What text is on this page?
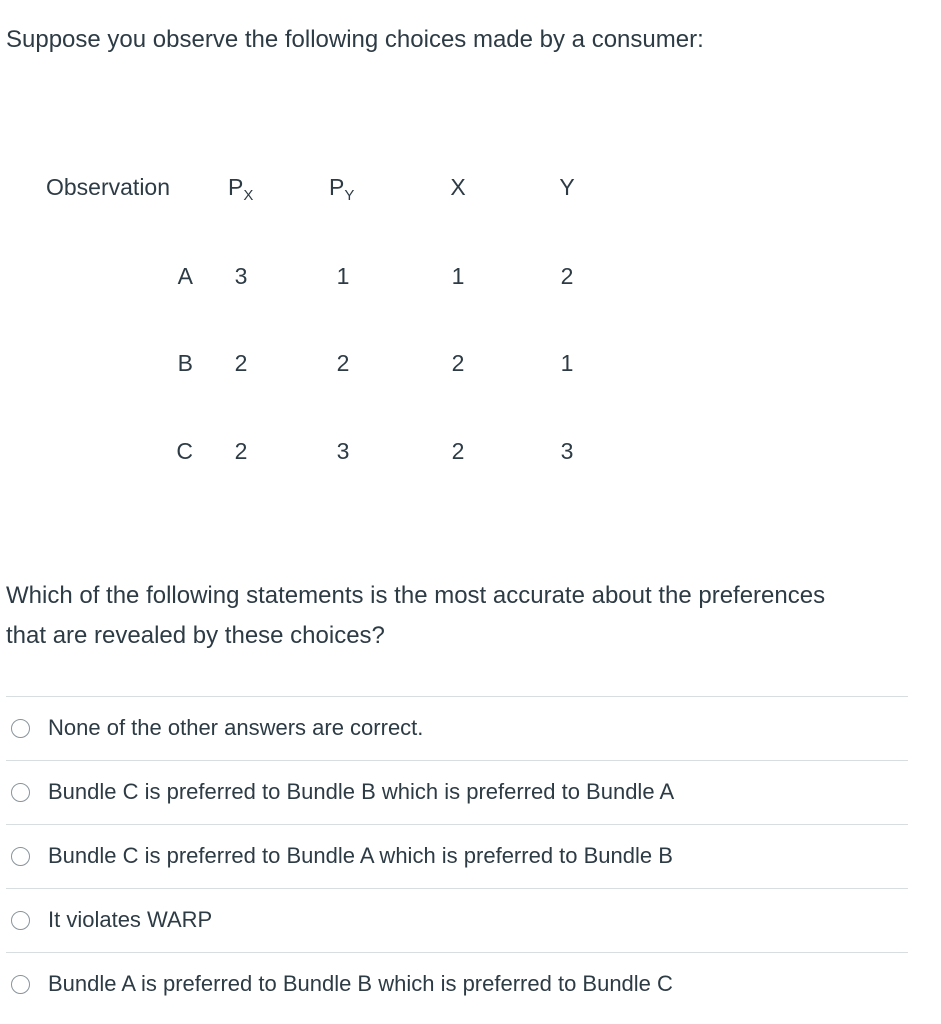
Suppose you observe the following choices made by a consumer:

Observation	$P_X$	$P_Y$	X	Y
A 3	1	1	2
B 2	2	2	1
C 2	3	2	3

Which of the following statements is the most accurate about the preferences that are revealed by these choices?

None of the other answers are correct.
Bundle C is preferred to Bundle B which is preferred to Bundle A
Bundle C is preferred to Bundle A which is preferred to Bundle B
It violates WARP
Bundle A is preferred to Bundle B which is preferred to Bundle C
